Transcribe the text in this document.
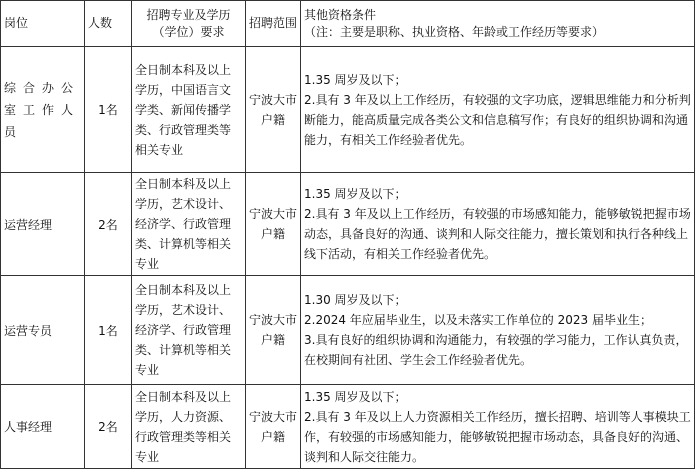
岗位	人数	招聘专业及学历（学位）要求	招聘范围	其他资格条件
（注：主要是职称、执业资格、年龄或工作经历等要求）

综合办公室工作人员	1名	全日制本科及以上学历，中国语言文学类、新闻传播学类、行政管理类等相关专业	宁波大市户籍	1.35 周岁及以下；
2.具有 3 年及以上工作经历，有较强的文字功底，逻辑思维能力和分析判断能力，能高质量完成各类公文和信息稿写作；有良好的组织协调和沟通能力，有相关工作经验者优先。

运营经理	2名	全日制本科及以上学历，艺术设计、经济学、行政管理类、计算机等相关专业	宁波大市户籍	1.35 周岁及以下；
2.具有 3 年及以上工作经历，有较强的市场感知能力，能够敏锐把握市场动态，具备良好的沟通、谈判和人际交往能力，擅长策划和执行各种线上线下活动，有相关工作经验者优先。

运营专员	1名	全日制本科及以上学历，艺术设计、经济学、行政管理类、计算机等相关专业	宁波大市户籍	1.30 周岁及以下；
2.2024 年应届毕业生，以及未落实工作单位的 2023 届毕业生；
3.具有良好的组织协调和沟通能力，有较强的学习能力，工作认真负责，在校期间有社团、学生会工作经验者优先。

人事经理	2名	全日制本科及以上学历，人力资源、行政管理类等相关专业	宁波大市户籍	1.35 周岁及以下；
2.具有 3 年及以上人力资源相关工作经历，擅长招聘、培训等人事模块工作，有较强的市场感知能力，能够敏锐把握市场动态，具备良好的沟通、谈判和人际交往能力。
